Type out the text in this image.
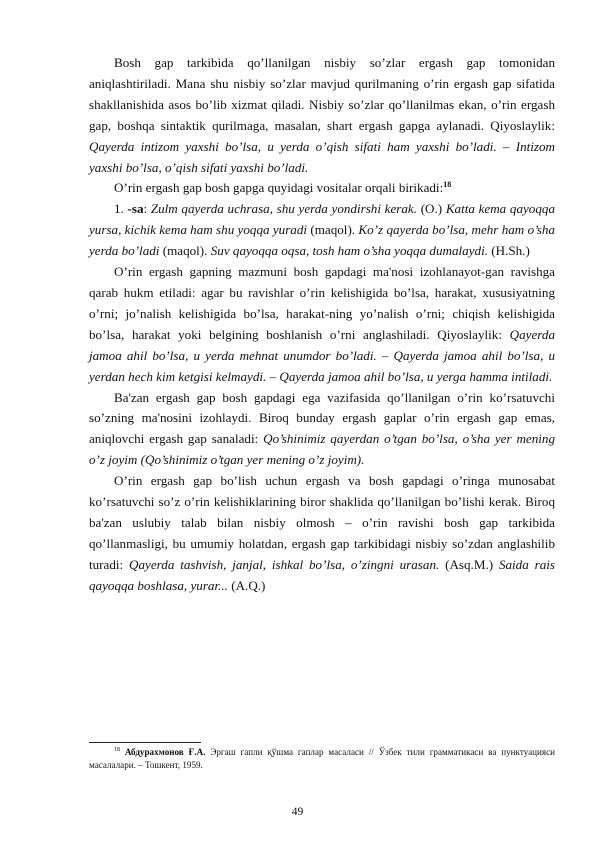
Bosh gap tarkibida qo’llanilgan nisbiy so’zlar ergash gap tomonidan aniqlashtiriladi. Mana shu nisbiy so’zlar mavjud qurilmaning o’rin ergash gap sifatida shakllanishida asos bo’lib xizmat qiladi. Nisbiy so’zlar qo’llanilmas ekan, o’rin ergash gap, boshqa sintaktik qurilmaga, masalan, shart ergash gapga aylanadi. Qiyoslaylik: Qayerda intizom yaxshi bo’lsa, u yerda o’qish sifati ham yaxshi bo’ladi. – Intizom yaxshi bo’lsa, o’qish sifati yaxshi bo’ladi.

O’rin ergash gap bosh gapga quyidagi vositalar orqali birikadi:$^{18}$

1. -sa: Zulm qayerda uchrasa, shu yerda yondirshi kerak. (O.) Katta kema qayoqqa yursa, kichik kema ham shu yoqqa yuradi (maqol). Ko’z qayerda bo’lsa, mehr ham o’sha yerda bo’ladi (maqol). Suv qayoqqa oqsa, tosh ham o’sha yoqqa dumalaydi. (H.Sh.)

O’rin ergash gapning mazmuni bosh gapdagi ma'nosi izohlanayot-gan ravishga qarab hukm etiladi: agar bu ravishlar o’rin kelishigida bo’lsa, harakat, xususiyatning o’rni; jo’nalish kelishigida bo’lsa, harakat-ning yo’nalish o’rni; chiqish kelishigida bo’lsa, harakat yoki belgining boshlanish o’rni anglashiladi. Qiyoslaylik: Qayerda jamoa ahil bo’lsa, u yerda mehnat unumdor bo’ladi. – Qayerda jamoa ahil bo’lsa, u yerdan hech kim ketgisi kelmaydi. – Qayerda jamoa ahil bo’lsa, u yerga hamma intiladi.

Ba'zan ergash gap bosh gapdagi ega vazifasida qo’llanilgan o’rin ko’rsatuvchi so’zning ma'nosini izohlaydi. Biroq bunday ergash gaplar o’rin ergash gap emas, aniqlovchi ergash gap sanaladi: Qo’shinimiz qayerdan o’tgan bo’lsa, o’sha yer mening o’z joyim (Qo’shinimiz o’tgan yer mening o’z joyim).

O’rin ergash gap bo’lish uchun ergash va bosh gapdagi o’ringa munosabat ko’rsatuvchi so’z o’rin kelishiklarining biror shaklida qo’llanilgan bo’lishi kerak. Biroq ba'zan uslubiy talab bilan nisbiy olmosh – o’rin ravishi bosh gap tarkibida qo’llanmasligi, bu umumiy holatdan, ergash gap tarkibidagi nisbiy so’zdan anglashilib turadi: Qayerda tashvish, janjal, ishkal bo’lsa, o’zingni urasan. (Asq.M.) Saida rais qayoqqa boshlasa, yurar... (A.Q.)

$^{18}$ Абдурахмонов Ғ.А. Эргаш гапли қўшма гаплар масаласи // Ўзбек тили грамматикаси ва пунктуацияси масалалари. – Тошкент, 1959.
49
